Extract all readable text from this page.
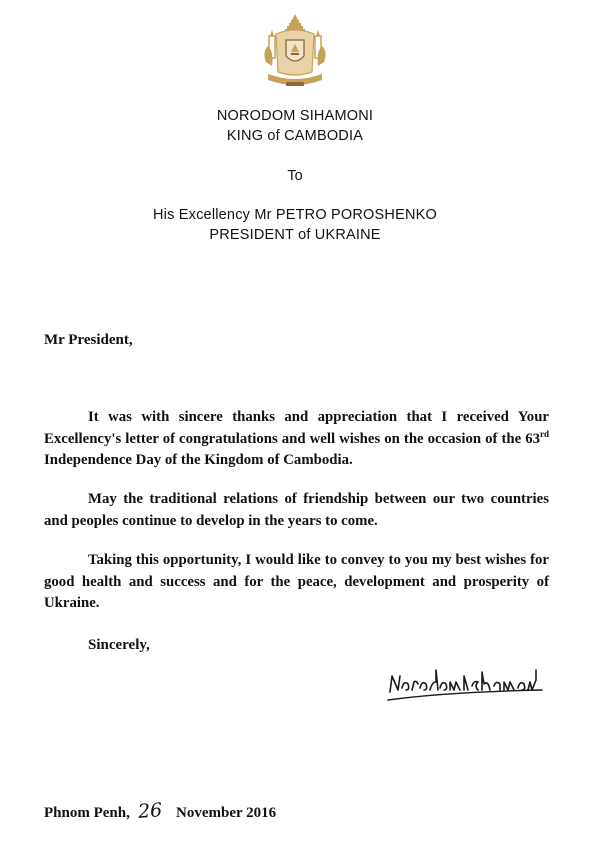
NORODOM SIHAMONI
KING of CAMBODIA
To
His Excellency Mr PETRO POROSHENKO
PRESIDENT of UKRAINE
Mr President,

It was with sincere thanks and appreciation that I received Your Excellency's letter of congratulations and well wishes on the occasion of the 63rd Independence Day of the Kingdom of Cambodia.

May the traditional relations of friendship between our two countries and peoples continue to develop in the years to come.

Taking this opportunity, I would like to convey to you my best wishes for good health and success and for the peace, development and prosperity of Ukraine.

Sincerely,
Phnom Penh, 26 November 2016
